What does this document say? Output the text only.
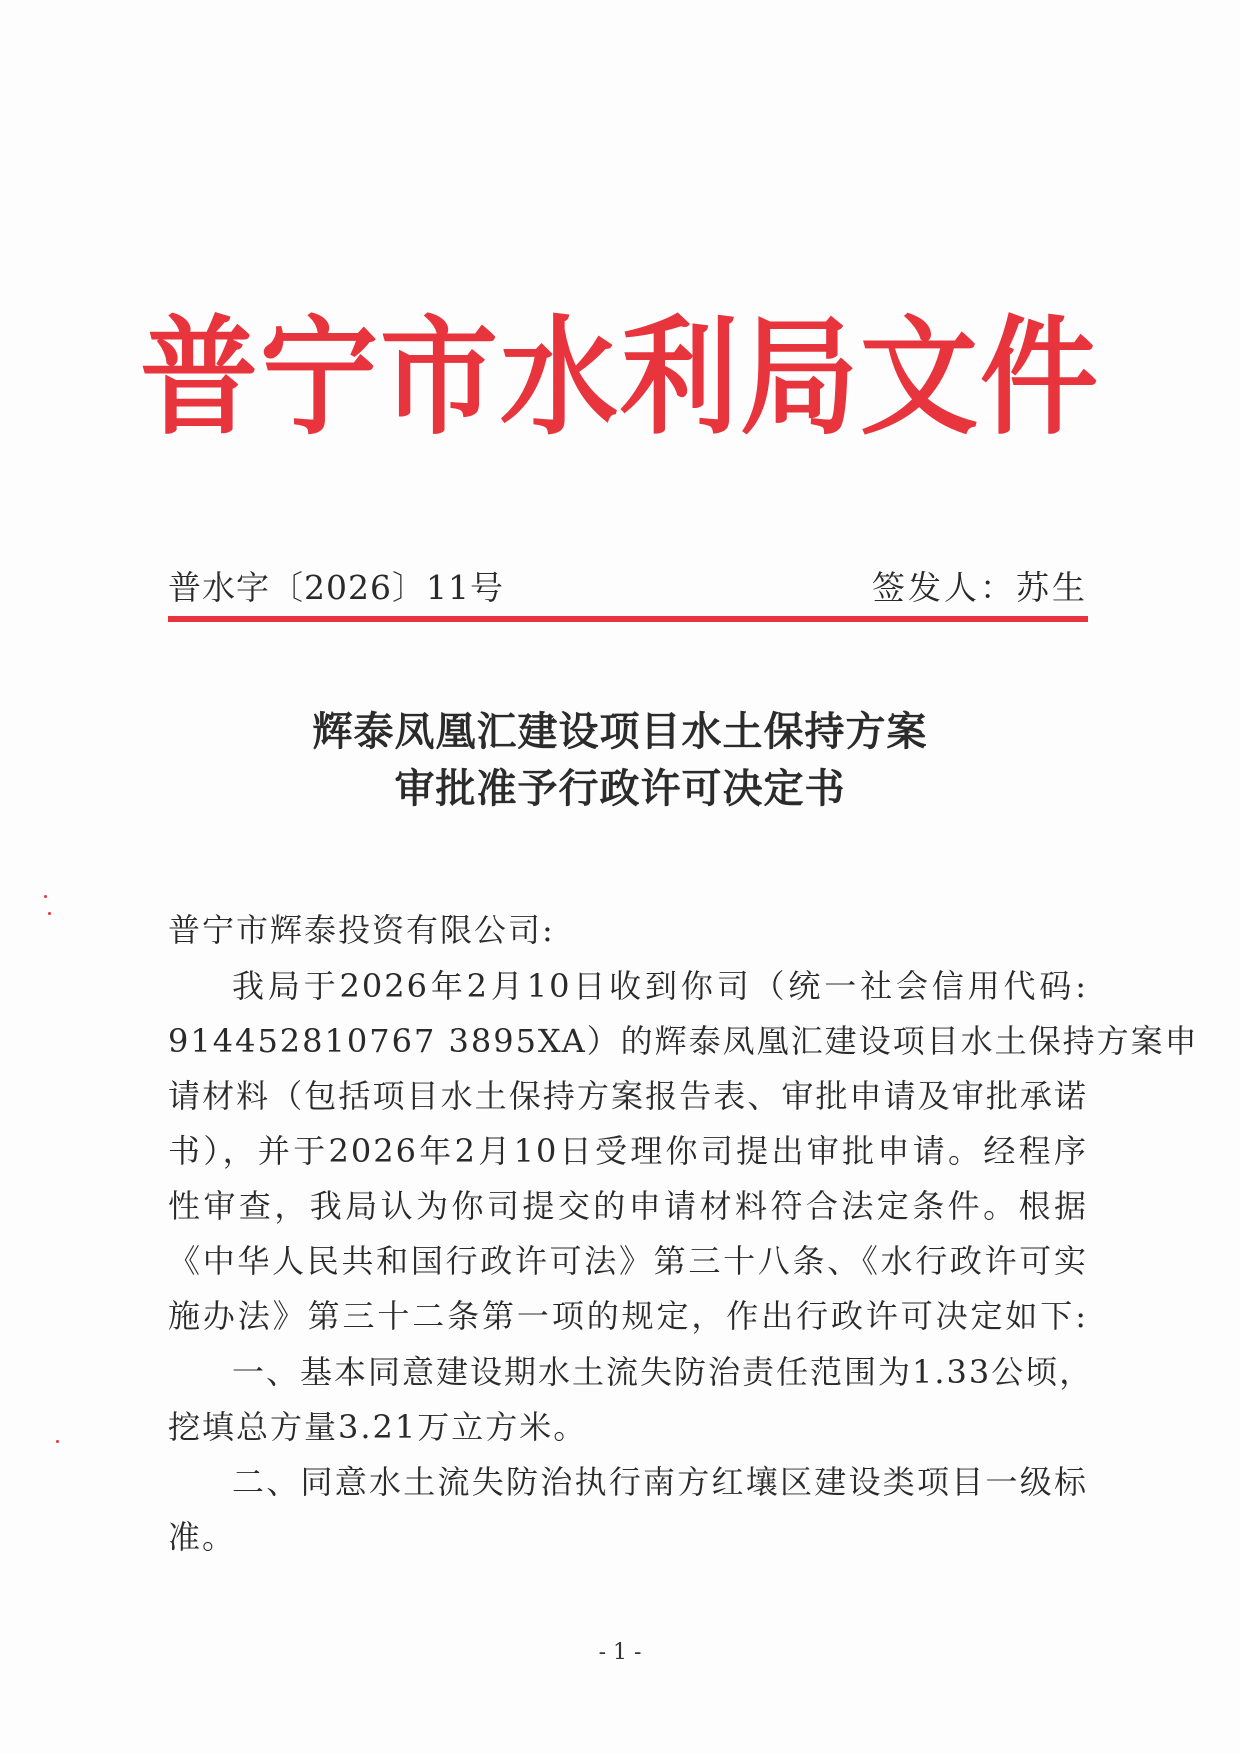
普宁市水利局文件
普水字〔2026〕11号	签发人：苏生
辉泰凤凰汇建设项目水土保持方案
审批准予行政许可决定书
普宁市辉泰投资有限公司:
我局于2026年2月10日收到你司（统一社会信用代码:
914452810767 3895XA）的辉泰凤凰汇建设项目水土保持方案申
请材料（包括项目水土保持方案报告表、审批申请及审批承诺
书），并于2026年2月10日受理你司提出审批申请。经程序
性审查，我局认为你司提交的申请材料符合法定条件。根据
《中华人民共和国行政许可法》第三十八条、《水行政许可实
施办法》第三十二条第一项的规定，作出行政许可决定如下:
一、基本同意建设期水土流失防治责任范围为1.33公顷，
挖填总方量3.21万立方米。
二、同意水土流失防治执行南方红壤区建设类项目一级标
准。
- 1 -
